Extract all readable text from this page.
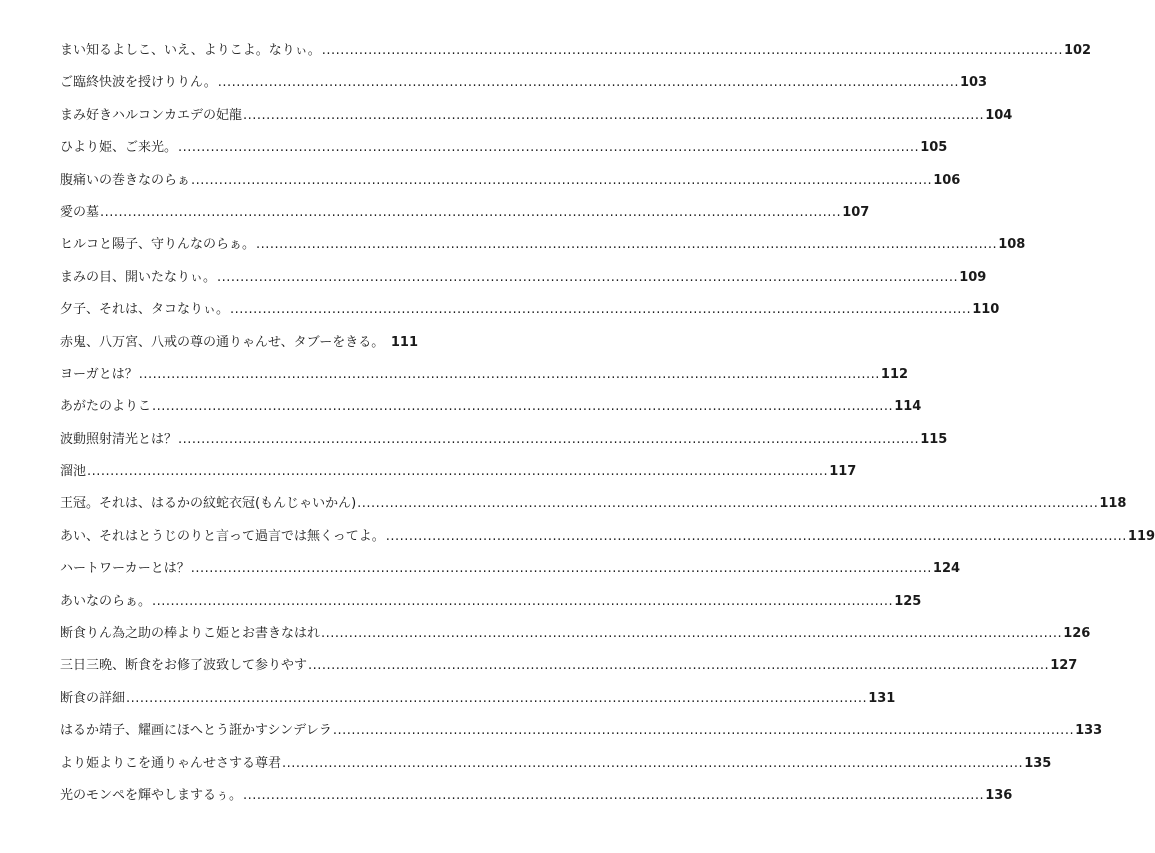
まい知るよしこ、いえ、よりこよ。なりぃ。 .....	102
ご臨終快波を授けりりん。 .....	103
まみ好きハルコンカエデの妃龍 .....	104
ひより姫、ご来光。 .....	105
腹痛いの巻きなのらぁ .....	106
愛の墓 .....	107
ヒルコと陽子、守りんなのらぁ。 .....	108
まみの目、開いたなりぃ。 .....	109
夕子、それは、タコなりぃ。 .....	110
赤鬼、八万宮、八戒の尊の通りゃんせ、タブーをきる。 111
ヨーガとは？ .....	112
あがたのよりこ .....	114
波動照射清光とは？ .....	115
溜池 .....	117
王冠。それは、はるかの紋蛇衣冠(もんじゃいかん) .....	118
あい、それはとうじのりと言って過言では無くってよ。 .....	119
ハートワーカーとは？ .....	124
あいなのらぁ。 .....	125
断食りん為之助の棒よりこ姫とお書きなはれ .....	126
三日三晩、断食をお修了波致して参りやす .....	127
断食の詳細 .....	131
はるか靖子、耀画にほへとう誑かすシンデレラ .....	133
より姫よりこを通りゃんせさする尊君 .....	135
光のモンペを輝やしまするぅ。 .....	136
